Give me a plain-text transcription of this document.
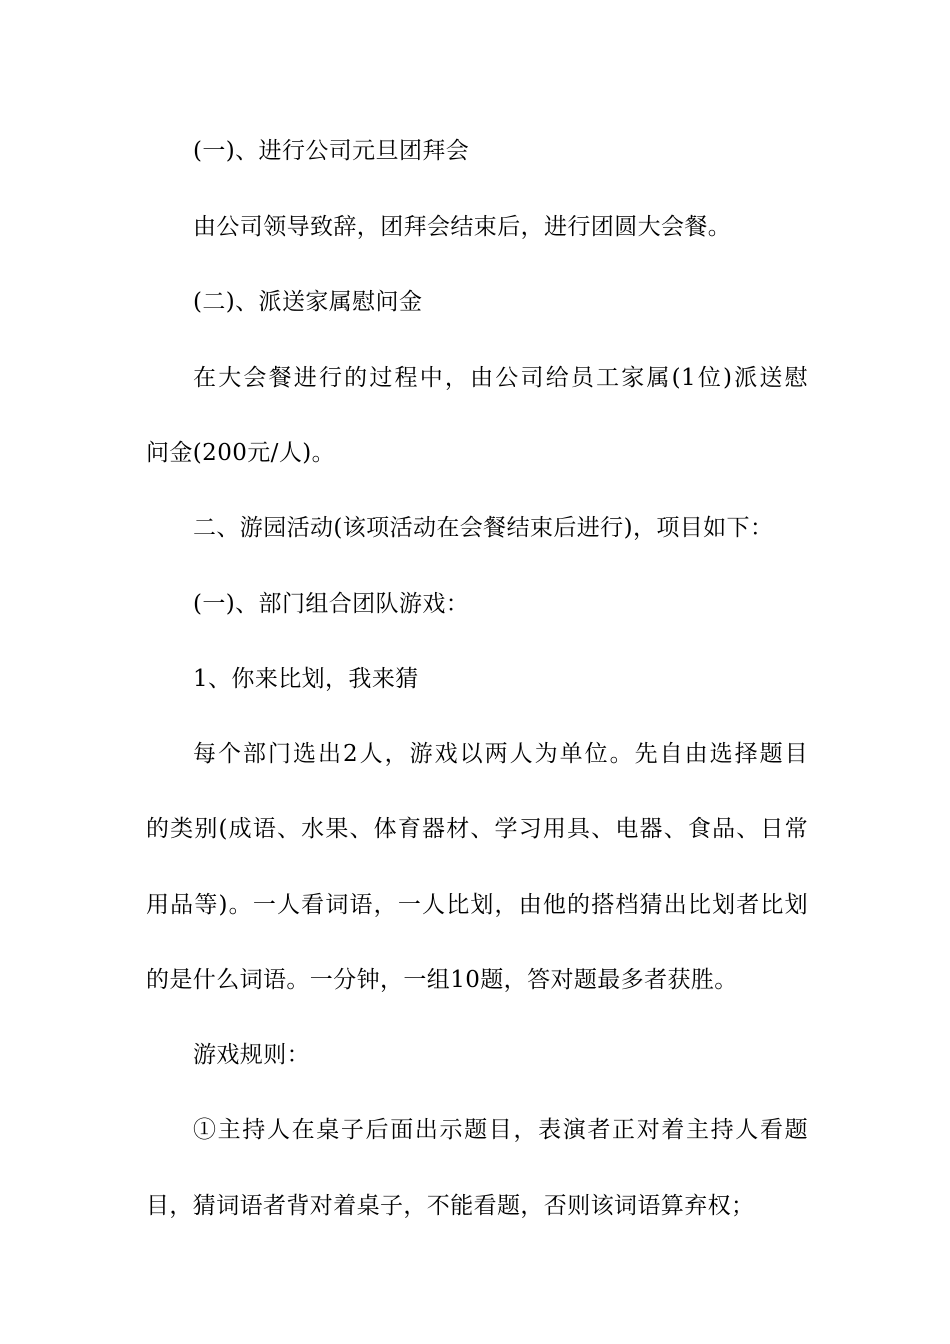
(一)、进行公司元旦团拜会
由公司领导致辞，团拜会结束后，进行团圆大会餐。
(二)、派送家属慰问金
在大会餐进行的过程中，由公司给员工家属(1位)派送慰
问金(200元/人)。
二、游园活动(该项活动在会餐结束后进行)，项目如下：
(一)、部门组合团队游戏：
1、你来比划，我来猜
每个部门选出2人，游戏以两人为单位。先自由选择题目
的类别(成语、水果、体育器材、学习用具、电器、食品、日常
用品等)。一人看词语，一人比划，由他的搭档猜出比划者比划
的是什么词语。一分钟，一组10题，答对题最多者获胜。
游戏规则：
①主持人在桌子后面出示题目，表演者正对着主持人看题
目，猜词语者背对着桌子，不能看题，否则该词语算弃权；
